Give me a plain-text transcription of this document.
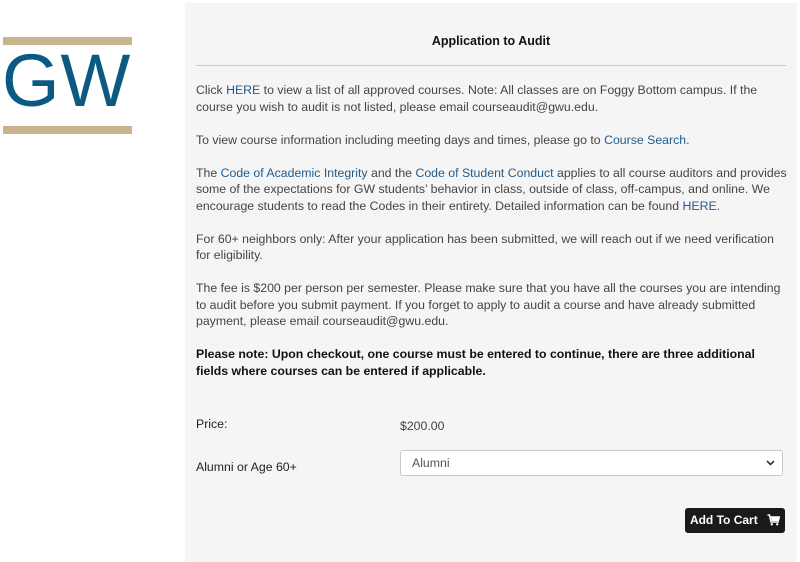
GW	Application to Audit

Click HERE to view a list of all approved courses. Note: All classes are on Foggy Bottom campus. If the course you wish to audit is not listed, please email courseaudit@gwu.edu.

To view course information including meeting days and times, please go to Course Search.

The Code of Academic Integrity and the Code of Student Conduct applies to all course auditors and provides some of the expectations for GW students’ behavior in class, outside of class, off-campus, and online. We encourage students to read the Codes in their entirety. Detailed information can be found HERE.

For 60+ neighbors only: After your application has been submitted, we will reach out if we need verification for eligibility.

The fee is $200 per person per semester. Please make sure that you have all the courses you are intending to audit before you submit payment. If you forget to apply to audit a course and have already submitted payment, please email courseaudit@gwu.edu.

Please note: Upon checkout, one course must be entered to continue, there are three additional fields where courses can be entered if applicable.

Price:	$200.00
Alumni or Age 60+	Alumni
Add To Cart
